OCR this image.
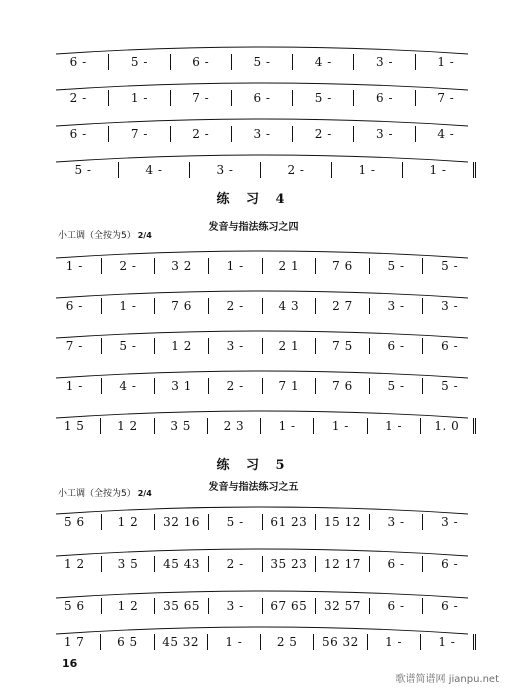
6 -	5 -	6 -	5 -	4 -	3 -	1 -
2 -	1 -	7 -	6 -	5 -	6 -	7 -
6 -	7 -	2 -	3 -	2 -	3 -	4 -
5 -	4 -	3 -	2 -	1 -	1 -
练 习 4
发音与指法练习之四
小工调（全按为5） 2/4
1 -	2 -	3 2	1 -	2 1	7 6	5 -	5 -
6 -	1 -	7 6	2 -	4 3	2 7	3 -	3 -
7 -	5 -	1 2	3 -	2 1	7 5	6 -	6 -
1 -	4 -	3 1	2 -	7 1	7 6	5 -	5 -
1 5	1 2	3 5	2 3	1 -	1 -	1 -	1. 0
练 习 5
发音与指法练习之五
小工调（全按为5） 2/4
5 6	1 2	32 16	5 -	61 23	15 12	3 -	3 -
1 2	3 5	45 43	2 -	35 23	12 17	6 -	6 -
5 6	1 2	35 65	3 -	67 65	32 57	6 -	6 -
1 7	6 5	45 32	1 -	2 5	56 32	1 -	1 -
16
歌谱简谱网 jianpu.net
